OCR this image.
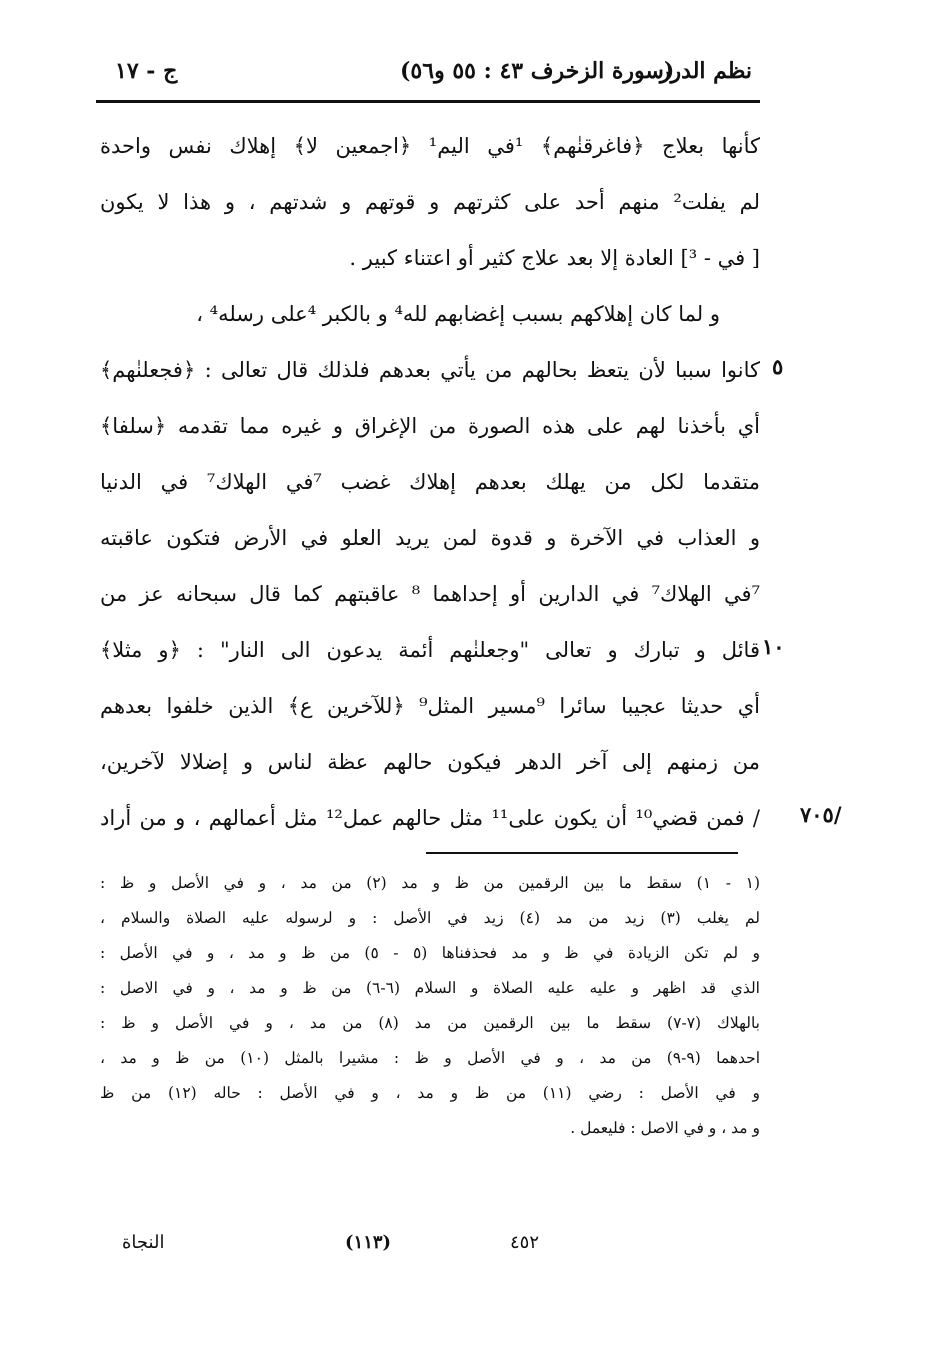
نظم الدرر
(سورة الزخرف ٤٣ : ٥٥ و٥٦)
ج - ١٧
كأنها بعلاج ﴿فاغرقنٰهم﴾ ¹في اليم¹ ﴿اجمعين لا﴾ إهلاك نفس واحدة
لم يفلت² منهم أحد على كثرتهم و قوتهم و شدتهم ، و هذا لا يكون
[ في - ³] العادة إلا بعد علاج كثير أو اعتناء كبير .
و لما كان إهلاكهم بسبب إغضابهم لله⁴ و بالكبر ⁴على رسله⁴ ،
كانوا سببا لأن يتعظ بحالهم من يأتي بعدهم فلذلك قال تعالى : ﴿فجعلنٰهم﴾
أي بأخذنا لهم على هذه الصورة من الإغراق و غيره مما تقدمه ﴿سلفا﴾
متقدما لكل من يهلك بعدهم إهلاك غضب ⁷في الهلاك⁷ في الدنيا
و العذاب في الآخرة و قدوة لمن يريد العلو في الأرض فتكون عاقبته
⁷في الهلاك⁷ في الدارين أو إحداهما ⁸ عاقبتهم كما قال سبحانه عز من
قائل و تبارك و تعالى "وجعلنٰهم أئمة يدعون الى النار" : ﴿و مثلا﴾
أي حديثا عجيبا سائرا ⁹مسير المثل⁹ ﴿للآخرين ع﴾ الذين خلفوا بعدهم
من زمنهم إلى آخر الدهر فيكون حالهم عظة لناس و إضلالا لآخرين،
/ فمن قضي¹⁰ أن يكون على¹¹ مثل حالهم عمل¹² مثل أعمالهم ، و من أراد
٥
١٠
/٧٠٥
(١ - ١) سقط ما بين الرقمين من ظ و مد (٢) من مد ، و في الأصل و ظ :
لم يغلب (٣) زيد من مد (٤) زيد في الأصل : و لرسوله عليه الصلاة والسلام ،
و لم تكن الزيادة في ظ و مد فحذفناها (٥ - ٥) من ظ و مد ، و في الأصل :
الذي قد اظهر و عليه عليه الصلاة و السلام (٦-٦) من ظ و مد ، و في الاصل :
بالهلاك (٧-٧) سقط ما بين الرقمين من مد (٨) من مد ، و في الأصل و ظ :
احدهما (٩-٩) من مد ، و في الأصل و ظ : مشيرا بالمثل (١٠) من ظ و مد ،
و في الأصل : رضي (١١) من ظ و مد ، و في الأصل : حاله (١٢) من ظ
و مد ، و في الاصل : فليعمل .
النجاة	(١١٣)	٤٥٢
